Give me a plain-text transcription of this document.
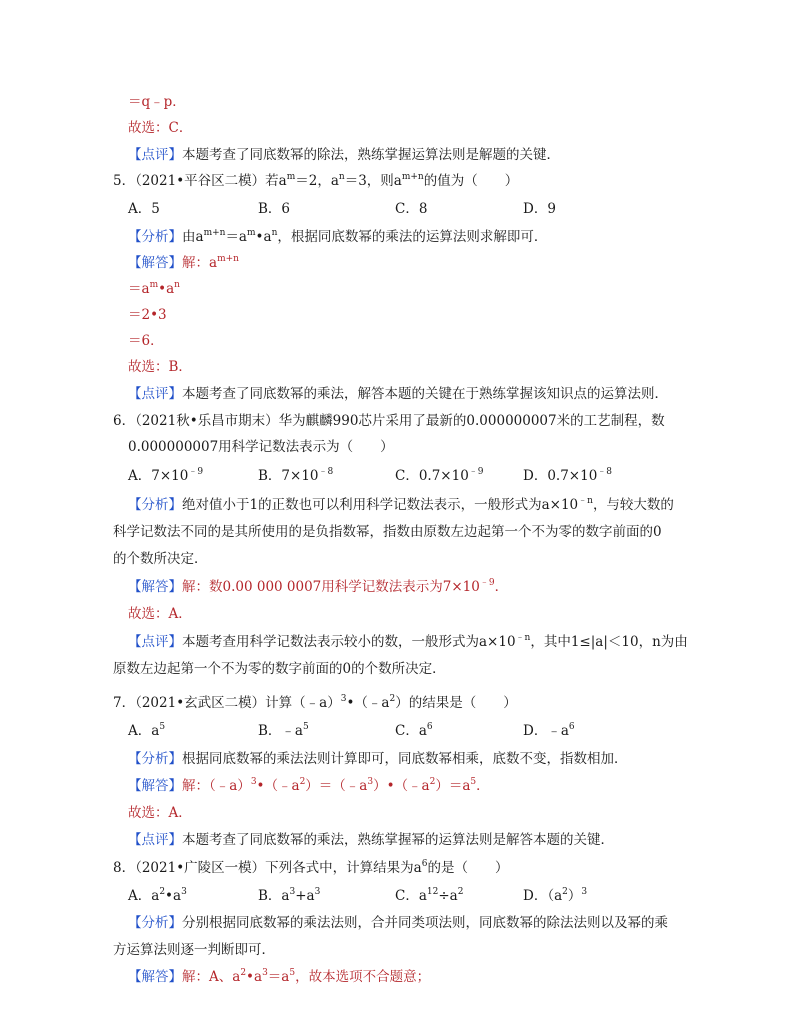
＝q﹣p．
故选：C．
【点评】本题考查了同底数幂的除法，熟练掌握运算法则是解题的关键．
5．（2021•平谷区二模）若$a^m=2$，$a^n=3$，则$a^{m+n}$的值为（　　）
A．5	B．6	C．8	D．9
【分析】由$a^{m+n}=a^m•a^n$，根据同底数幂的乘法的运算法则求解即可．
【解答】解：$a^{m+n}$
$=a^m•a^n$
＝2•3
＝6．
故选：B．
【点评】本题考查了同底数幂的乘法，解答本题的关键在于熟练掌握该知识点的运算法则．
6．（2021秋•乐昌市期末）华为麒麟990芯片采用了最新的0.000000007米的工艺制程，数
0.000000007用科学记数法表示为（　　）
A．$7\times 10^{﹣9}$	B．$7\times 10^{﹣8}$	C．$0.7\times 10^{﹣9}$	D．$0.7\times 10^{﹣8}$
【分析】绝对值小于1的正数也可以利用科学记数法表示，一般形式为$a\times 10^{﹣n}$，与较大数的
科学记数法不同的是其所使用的是负指数幂，指数由原数左边起第一个不为零的数字前面的0
的个数所决定．
【解答】解：数0.00 000 0007用科学记数法表示为$7\times 10^{﹣9}$．
故选：A．
【点评】本题考查用科学记数法表示较小的数，一般形式为$a\times 10^{﹣n}$，其中1≤|a|＜10，n为由
原数左边起第一个不为零的数字前面的0的个数所决定．
7．（2021•玄武区二模）计算$(﹣a)^3•(﹣a^2)$的结果是（　　）
A．$a^5$	B．$﹣a^5$	C．$a^6$	D．$﹣a^6$
【分析】根据同底数幂的乘法法则计算即可，同底数幂相乘，底数不变，指数相加．
【解答】解：$(﹣a)^3•(﹣a^2)=(﹣a^3)•(﹣a^2)=a^5$．
故选：A．
【点评】本题考查了同底数幂的乘法，熟练掌握幂的运算法则是解答本题的关键．
8．（2021•广陵区一模）下列各式中，计算结果为$a^6$的是（　　）
A．$a^2•a^3$	B．$a^3+a^3$	C．$a^{12}\div a^2$	D．$(a^2)^3$
【分析】分别根据同底数幂的乘法法则，合并同类项法则，同底数幂的除法法则以及幂的乘
方运算法则逐一判断即可．
【解答】解：A、$a^2•a^3=a^5$，故本选项不合题意；
